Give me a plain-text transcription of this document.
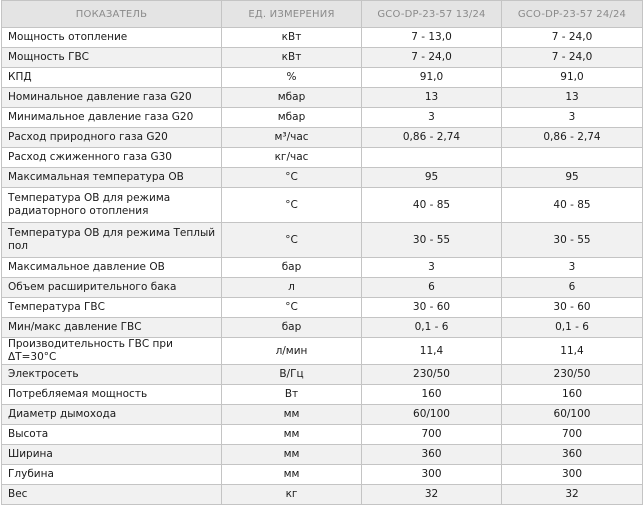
ПОКАЗАТЕЛЬ	ЕД. ИЗМЕРЕНИЯ	GCO-DP-23-57 13/24	GCO-DP-23-57 24/24
Мощность отопление	кВт	7 - 13,0	7 - 24,0
Мощность ГВС	кВт	7 - 24,0	7 - 24,0
КПД	%	91,0	91,0
Номинальное давление газа G20	мбар	13	13
Минимальное давление газа G20	мбар	3	3
Расход природного газа G20	м³/час	0,86 - 2,74	0,86 - 2,74
Расход сжиженного газа G30	кг/час		
Максимальная температура ОВ	°C	95	95
Температура ОВ для режима радиаторного отопления	°C	40 - 85	40 - 85
Температура ОВ для режима Теплый пол	°C	30 - 55	30 - 55
Максимальное давление ОВ	бар	3	3
Объем расширительного бака	л	6	6
Температура ГВС	°C	30 - 60	30 - 60
Мин/макс давление ГВС	бар	0,1 - 6	0,1 - 6
Производительность ГВС при ΔT=30°C	л/мин	11,4	11,4
Электросеть	В/Гц	230/50	230/50
Потребляемая мощность	Вт	160	160
Диаметр дымохода	мм	60/100	60/100
Высота	мм	700	700
Ширина	мм	360	360
Глубина	мм	300	300
Вес	кг	32	32
